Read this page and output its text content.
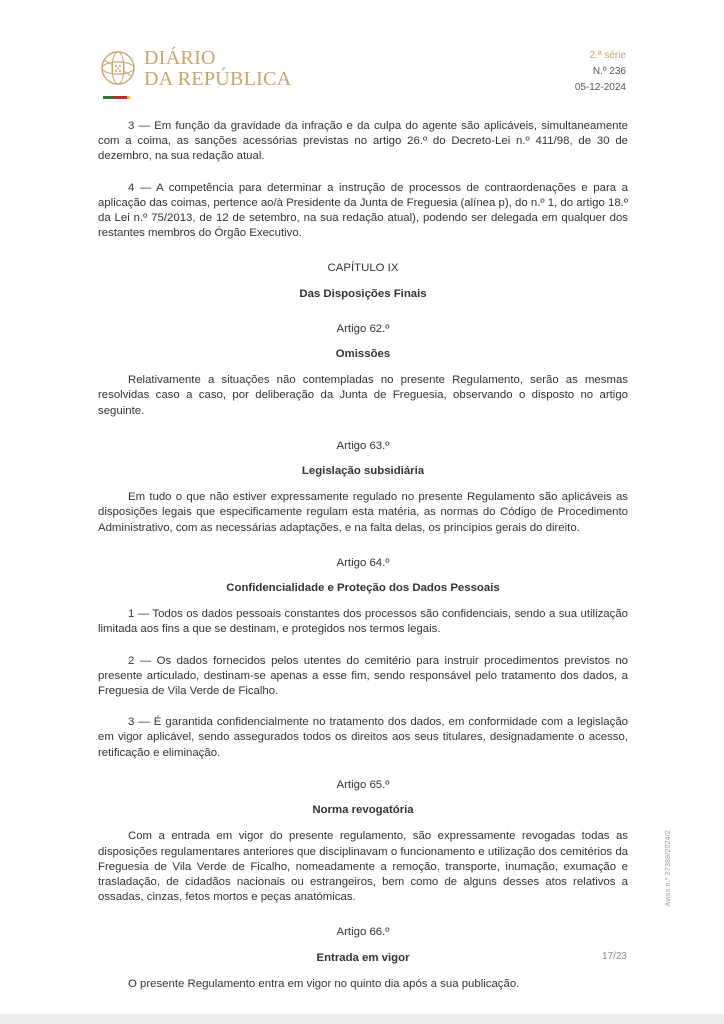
DIÁRIO
DA REPÚBLICA
2.ª série
N.º 236
05-12-2024

3 — Em função da gravidade da infração e da culpa do agente são aplicáveis, simultaneamente com a coima, as sanções acessórias previstas no artigo 26.º do Decreto-Lei n.º 411/98, de 30 de dezembro, na sua redação atual.

4 — A competência para determinar a instrução de processos de contraordenações e para a aplicação das coimas, pertence ao/à Presidente da Junta de Freguesia (alínea p), do n.º 1, do artigo 18.º da Lei n.º 75/2013, de 12 de setembro, na sua redação atual), podendo ser delegada em qualquer dos restantes membros do Órgão Executivo.

CAPÍTULO IX

Das Disposições Finais

Artigo 62.º

Omissões

Relativamente a situações não contempladas no presente Regulamento, serão as mesmas resolvidas caso a caso, por deliberação da Junta de Freguesia, observando o disposto no artigo seguinte.

Artigo 63.º

Legislação subsidiária

Em tudo o que não estiver expressamente regulado no presente Regulamento são aplicáveis as disposições legais que especificamente regulam esta matéria, as normas do Código de Procedimento Administrativo, com as necessárias adaptações, e na falta delas, os princípios gerais do direito.

Artigo 64.º

Confidencialidade e Proteção dos Dados Pessoais

1 — Todos os dados pessoais constantes dos processos são confidenciais, sendo a sua utilização limitada aos fins a que se destinam, e protegidos nos termos legais.

2 — Os dados fornecidos pelos utentes do cemitério para instruir procedimentos previstos no presente articulado, destinam-se apenas a esse fim, sendo responsável pelo tratamento dos dados, a Freguesia de Vila Verde de Ficalho.

3 — É garantida confidencialmente no tratamento dos dados, em conformidade com a legislação em vigor aplicável, sendo assegurados todos os direitos aos seus titulares, designadamente o acesso, retificação e eliminação.

Artigo 65.º

Norma revogatória

Com a entrada em vigor do presente regulamento, são expressamente revogadas todas as disposições regulamentares anteriores que disciplinavam o funcionamento e utilização dos cemitérios da Freguesia de Vila Verde de Ficalho, nomeadamente a remoção, transporte, inumação, exumação e trasladação, de cidadãos nacionais ou estrangeiros, bem como de alguns desses atos relativos a ossadas, cinzas, fetos mortos e peças anatómicas.

Artigo 66.º

Entrada em vigor

O presente Regulamento entra em vigor no quinto dia após a sua publicação.

Aviso n.º 27388/2024/2
17/23
